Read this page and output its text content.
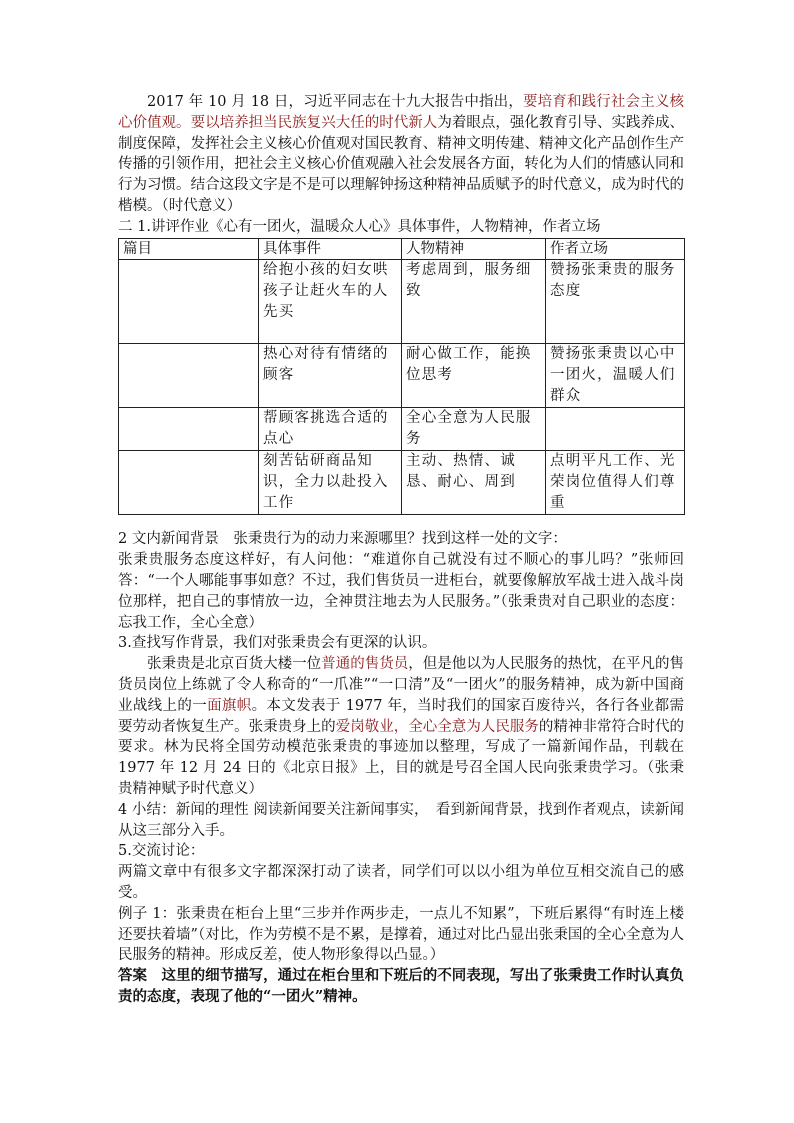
2017 年 10 月 18 日，习近平同志在十九大报告中指出，要培育和践行社会主义核心价值观。要以培养担当民族复兴大任的时代新人为着眼点，强化教育引导、实践养成、制度保障，发挥社会主义核心价值观对国民教育、精神文明传建、精神文化产品创作生产传播的引领作用，把社会主义核心价值观融入社会发展各方面，转化为人们的情感认同和行为习惯。结合这段文字是不是可以理解钟扬这种精神品质赋予的时代意义，成为时代的楷模。（时代意义）

二 1.讲评作业《心有一团火，温暖众人心》具体事件，人物精神，作者立场

篇目	具体事件	人物精神	作者立场
	给抱小孩的妇女哄孩子让赶火车的人先买	考虑周到，服务细致	赞扬张秉贵的服务态度
	热心对待有情绪的顾客	耐心做工作，能换位思考	赞扬张秉贵以心中一团火，温暖人们群众
	帮顾客挑选合适的点心	全心全意为人民服务	
	刻苦钻研商品知识，全力以赴投入工作	主动、热情、诚恳、耐心、周到	点明平凡工作、光荣岗位值得人们尊重

2 文内新闻背景　张秉贵行为的动力来源哪里？找到这样一处的文字：

张秉贵服务态度这样好，有人问他：“难道你自己就没有过不顺心的事儿吗？”张师回答：“一个人哪能事事如意？不过，我们售货员一进柜台，就要像解放军战士进入战斗岗位那样，把自己的事情放一边，全神贯注地去为人民服务。”（张秉贵对自己职业的态度：忘我工作，全心全意）

3.查找写作背景，我们对张秉贵会有更深的认识。

张秉贵是北京百货大楼一位普通的售货员，但是他以为人民服务的热忱，在平凡的售货员岗位上练就了令人称奇的“一爪准”“一口清”及“一团火”的服务精神，成为新中国商业战线上的一面旗帜。本文发表于 1977 年，当时我们的国家百废待兴，各行各业都需要劳动者恢复生产。张秉贵身上的爱岗敬业，全心全意为人民服务的精神非常符合时代的要求。林为民将全国劳动模范张秉贵的事迹加以整理，写成了一篇新闻作品，刊载在 1977 年 12 月 24 日的《北京日报》上，目的就是号召全国人民向张秉贵学习。（张秉贵精神赋予时代意义）

4 小结：新闻的理性 阅读新闻要关注新闻事实，　看到新闻背景，找到作者观点，读新闻从这三部分入手。

5.交流讨论：

两篇文章中有很多文字都深深打动了读者，同学们可以以小组为单位互相交流自己的感受。

例子 1：张秉贵在柜台上里“三步并作两步走，一点儿不知累”，下班后累得“有时连上楼还要扶着墙”（对比，作为劳模不是不累，是撑着，通过对比凸显出张秉国的全心全意为人民服务的精神。形成反差，使人物形象得以凸显。）

答案　这里的细节描写，通过在柜台里和下班后的不同表现，写出了张秉贵工作时认真负责的态度，表现了他的“一团火”精神。
